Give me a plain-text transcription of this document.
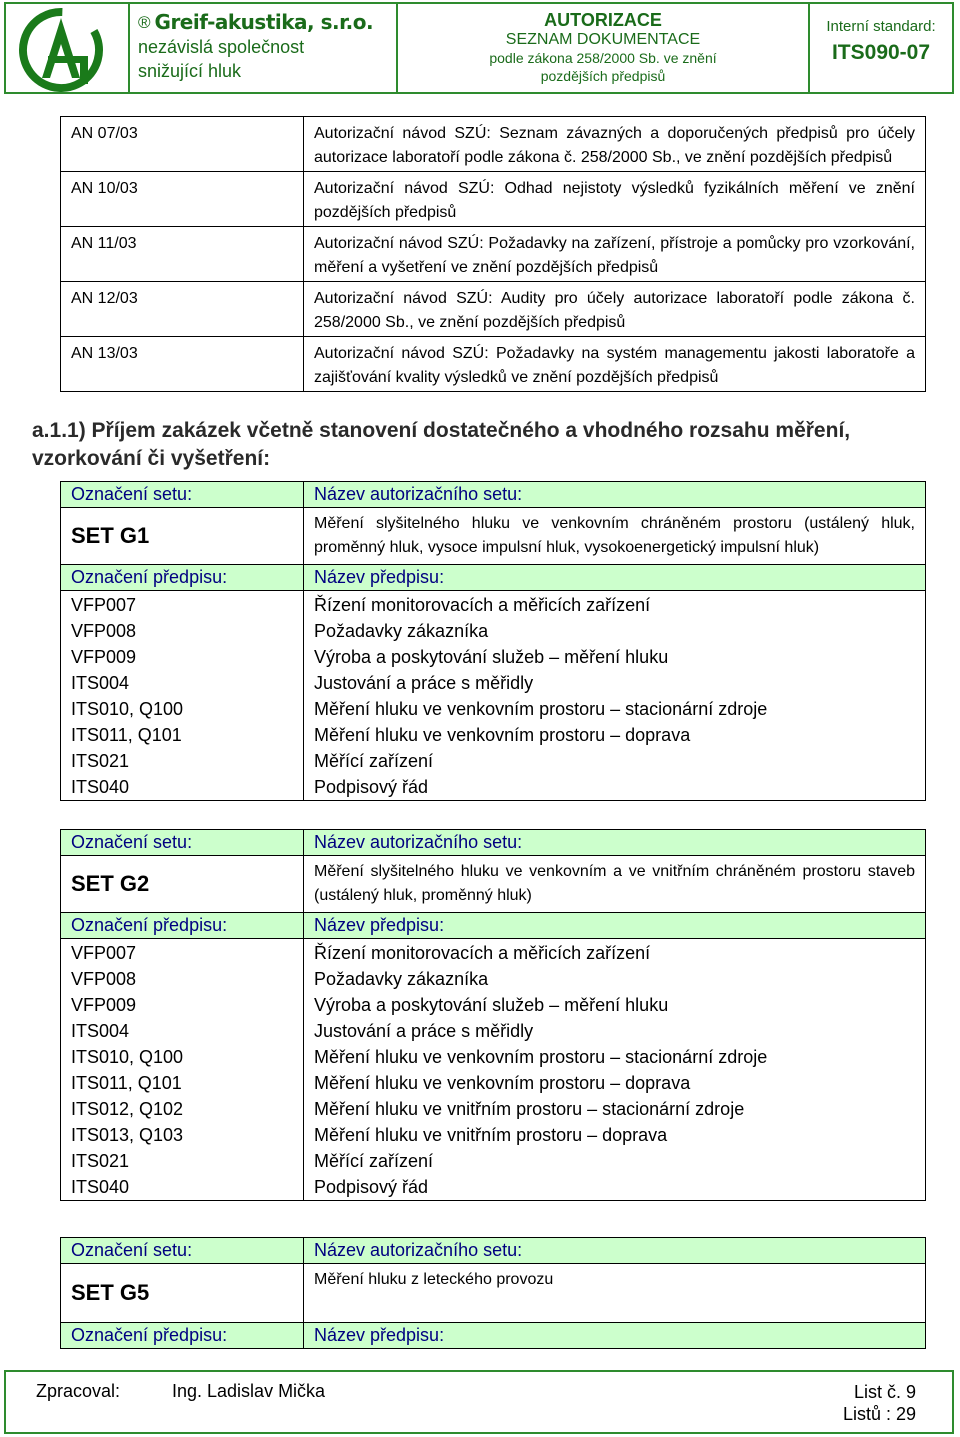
® Greif-akustika, s.r.o.
nezávislá společnost
snižující hluk
AUTORIZACE
SEZNAM DOKUMENTACE
podle zákona 258/2000 Sb. ve znění
pozdějších předpisů
Interní standard:
ITS090-07
AN 07/03	Autorizační návod SZÚ: Seznam závazných a doporučených předpisů pro účely autorizace laboratoří podle zákona č. 258/2000 Sb., ve znění pozdějších předpisů
AN 10/03	Autorizační návod SZÚ: Odhad nejistoty výsledků fyzikálních měření ve znění pozdějších předpisů
AN 11/03	Autorizační návod SZÚ: Požadavky na zařízení, přístroje a pomůcky pro vzorkování, měření a vyšetření ve znění pozdějších předpisů
AN 12/03	Autorizační návod SZÚ: Audity pro účely autorizace laboratoří podle zákona č. 258/2000 Sb., ve znění pozdějších předpisů
AN 13/03	Autorizační návod SZÚ: Požadavky na systém managementu jakosti laboratoře a zajišťování kvality výsledků ve znění pozdějších předpisů
a.1.1) Příjem zakázek včetně stanovení dostatečného a vhodného rozsahu měření, vzorkování či vyšetření:
Označení setu:	Název autorizačního setu:
SET G1	Měření slyšitelného hluku ve venkovním chráněném prostoru (ustálený hluk, proměnný hluk, vysoce impulsní hluk, vysokoenergetický impulsní hluk)
Označení předpisu:	Název předpisu:
VFP007	Řízení monitorovacích a měřicích zařízení
VFP008	Požadavky zákazníka
VFP009	Výroba a poskytování služeb – měření hluku
ITS004	Justování a práce s měřidly
ITS010, Q100	Měření hluku ve venkovním prostoru – stacionární zdroje
ITS011, Q101	Měření hluku ve venkovním prostoru – doprava
ITS021	Měřící zařízení
ITS040	Podpisový řád
Označení setu:	Název autorizačního setu:
SET G2	Měření slyšitelného hluku ve venkovním a ve vnitřním chráněném prostoru staveb (ustálený hluk, proměnný hluk)
Označení předpisu:	Název předpisu:
VFP007	Řízení monitorovacích a měřicích zařízení
VFP008	Požadavky zákazníka
VFP009	Výroba a poskytování služeb – měření hluku
ITS004	Justování a práce s měřidly
ITS010, Q100	Měření hluku ve venkovním prostoru – stacionární zdroje
ITS011, Q101	Měření hluku ve venkovním prostoru – doprava
ITS012, Q102	Měření hluku ve vnitřním prostoru – stacionární zdroje
ITS013, Q103	Měření hluku ve vnitřním prostoru – doprava
ITS021	Měřící zařízení
ITS040	Podpisový řád
Označení setu:	Název autorizačního setu:
SET G5	Měření hluku z leteckého provozu
Označení předpisu:	Název předpisu:
Zpracoval:	Ing. Ladislav Mička	List č. 9
Listů : 29
